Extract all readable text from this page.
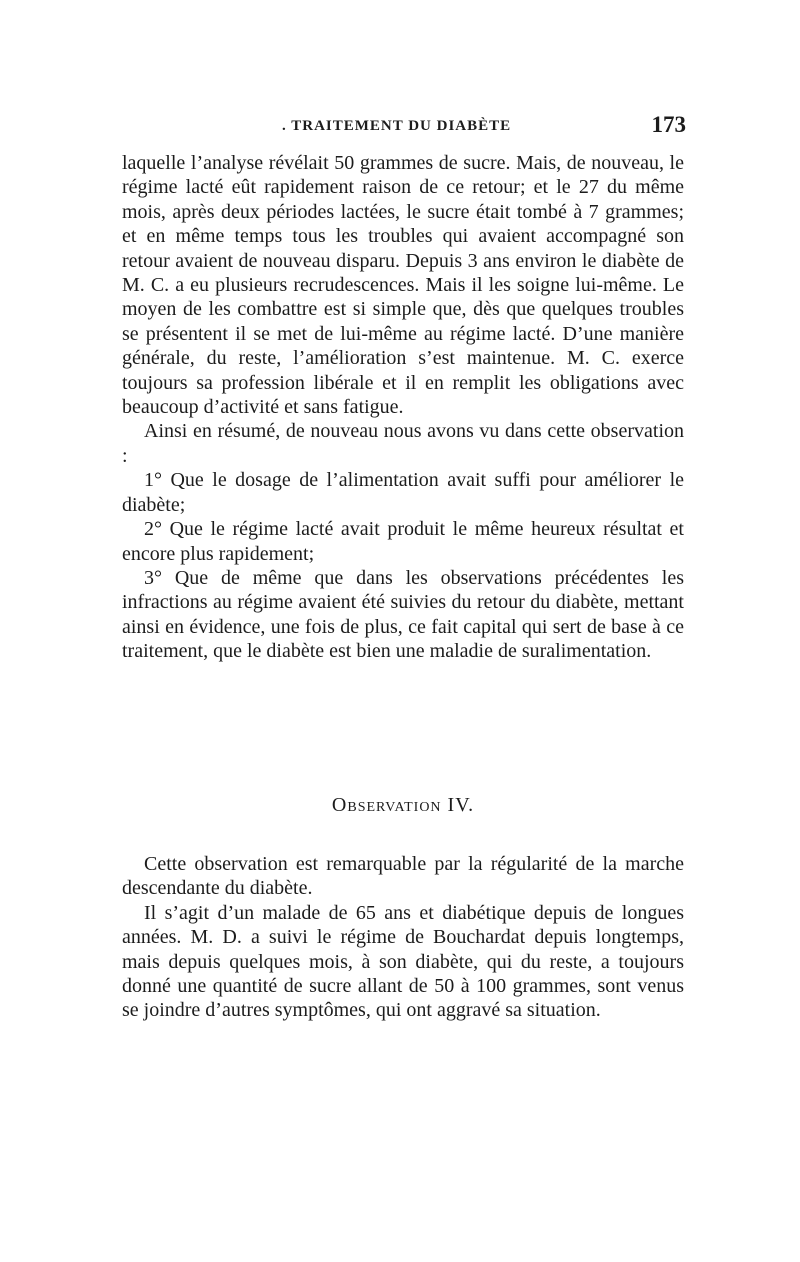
. TRAITEMENT DU DIABÈTE	173

laquelle l’analyse révélait 50 grammes de sucre. Mais, de nouveau, le régime lacté eût rapidement raison de ce retour; et le 27 du même mois, après deux périodes lactées, le sucre était tombé à 7 grammes; et en même temps tous les troubles qui avaient accompagné son retour avaient de nouveau disparu. Depuis 3 ans environ le diabète de M. C. a eu plusieurs recrudescences. Mais il les soigne lui-même. Le moyen de les combattre est si simple que, dès que quelques troubles se présentent il se met de lui-même au régime lacté. D’une manière générale, du reste, l’amélioration s’est maintenue. M. C. exerce toujours sa profession libérale et il en remplit les obligations avec beaucoup d’activité et sans fatigue.

Ainsi en résumé, de nouveau nous avons vu dans cette observation :

1° Que le dosage de l’alimentation avait suffi pour améliorer le diabète;

2° Que le régime lacté avait produit le même heureux résultat et encore plus rapidement;

3° Que de même que dans les observations précédentes les infractions au régime avaient été suivies du retour du diabète, mettant ainsi en évidence, une fois de plus, ce fait capital qui sert de base à ce traitement, que le diabète est bien une maladie de suralimentation.

Observation IV.

Cette observation est remarquable par la régularité de la marche descendante du diabète.

Il s’agit d’un malade de 65 ans et diabétique depuis de longues années. M. D. a suivi le régime de Bouchardat depuis longtemps, mais depuis quelques mois, à son diabète, qui du reste, a toujours donné une quantité de sucre allant de 50 à 100 grammes, sont venus se joindre d’autres symptômes, qui ont aggravé sa situation.
